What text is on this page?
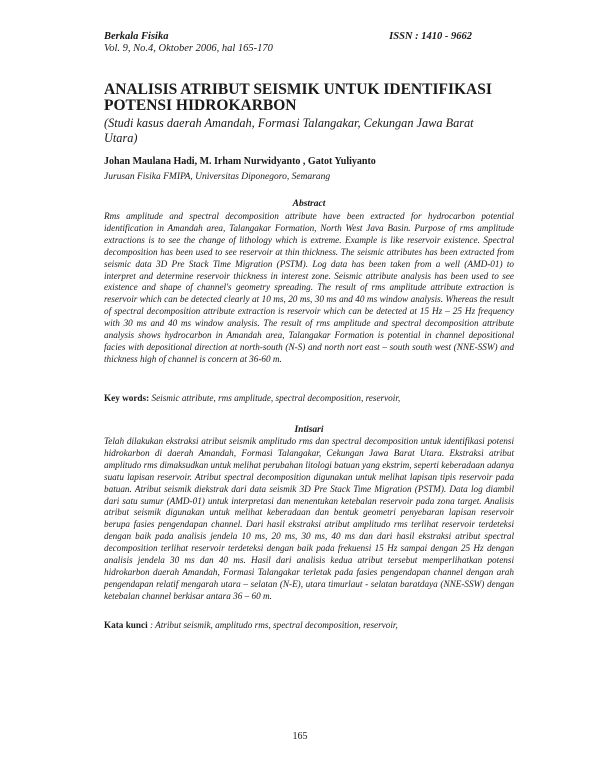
Berkala Fisika	ISSN : 1410 - 9662
Vol. 9, No.4, Oktober 2006, hal 165-170
ANALISIS ATRIBUT SEISMIK UNTUK IDENTIFIKASI POTENSI HIDROKARBON
(Studi kasus daerah Amandah, Formasi Talangakar, Cekungan Jawa Barat Utara)
Johan Maulana Hadi, M. Irham Nurwidyanto , Gatot Yuliyanto
Jurusan Fisika FMIPA, Universitas Diponegoro, Semarang
Abstract
Rms amplitude and spectral decomposition attribute have been extracted for hydrocarbon potential identification in Amandah area, Talangakar Formation, North West Java Basin. Purpose of rms amplitude extractions is to see the change of lithology which is extreme. Example is like reservoir existence. Spectral decomposition has been used to see reservoir at thin thickness. The seismic attributes has been extracted from seismic data 3D Pre Stack Time Migration (PSTM). Log data has been taken from a well (AMD-01) to interpret and determine reservoir thickness in interest zone. Seismic attribute analysis has been used to see existence and shape of channel's geometry spreading. The result of rms amplitude attribute extraction is reservoir which can be detected clearly at 10 ms, 20 ms, 30 ms and 40 ms window analysis. Whereas the result of spectral decomposition attribute extraction is reservoir which can be detected at 15 Hz – 25 Hz frequency with 30 ms and 40 ms window analysis. The result of rms amplitude and spectral decomposition attribute analysis shows hydrocarbon in Amandah area, Talangakar Formation is potential in channel depositional facies with depositional direction at north-south (N-S) and north nort east – south south west (NNE-SSW) and thickness high of channel is concern at 36-60 m.
Key words: Seismic attribute, rms amplitude, spectral decomposition, reservoir,
Intisari
Telah dilakukan ekstraksi atribut seismik amplitudo rms dan spectral decomposition untuk identifikasi potensi hidrokarbon di daerah Amandah, Formasi Talangakar, Cekungan Jawa Barat Utara. Ekstraksi atribut amplitudo rms dimaksudkan untuk melihat perubahan litologi batuan yang ekstrim, seperti keberadaan adanya suatu lapisan reservoir. Atribut spectral decomposition digunakan untuk melihat lapisan tipis reservoir pada batuan. Atribut seismik diekstrak dari data seismik 3D Pre Stack Time Migration (PSTM). Data log diambil dari satu sumur (AMD-01) untuk interpretasi dan menentukan ketebalan reservoir pada zona target. Analisis atribut seismik digunakan untuk melihat keberadaan dan bentuk geometri penyebaran lapisan reservoir berupa fasies pengendapan channel. Dari hasil ekstraksi atribut amplitudo rms terlihat reservoir terdeteksi dengan baik pada analisis jendela 10 ms, 20 ms, 30 ms, 40 ms dan dari hasil ekstraksi atribut spectral decomposition terlihat reservoir terdeteksi dengan baik pada frekuensi 15 Hz sampai dengan 25 Hz dengan analisis jendela 30 ms dan 40 ms. Hasil dari analisis kedua atribut tersebut memperlihatkan potensi hidrokarbon daerah Amandah, Formasi Talangakar terletak pada fasies pengendapan channel dengan arah pengendapan relatif mengarah utara – selatan (N-E), utara timurlaut - selatan baratdaya (NNE-SSW) dengan ketebalan channel berkisar antara 36 – 60 m.
Kata kunci : Atribut seismik, amplitudo rms, spectral decomposition, reservoir,
165
